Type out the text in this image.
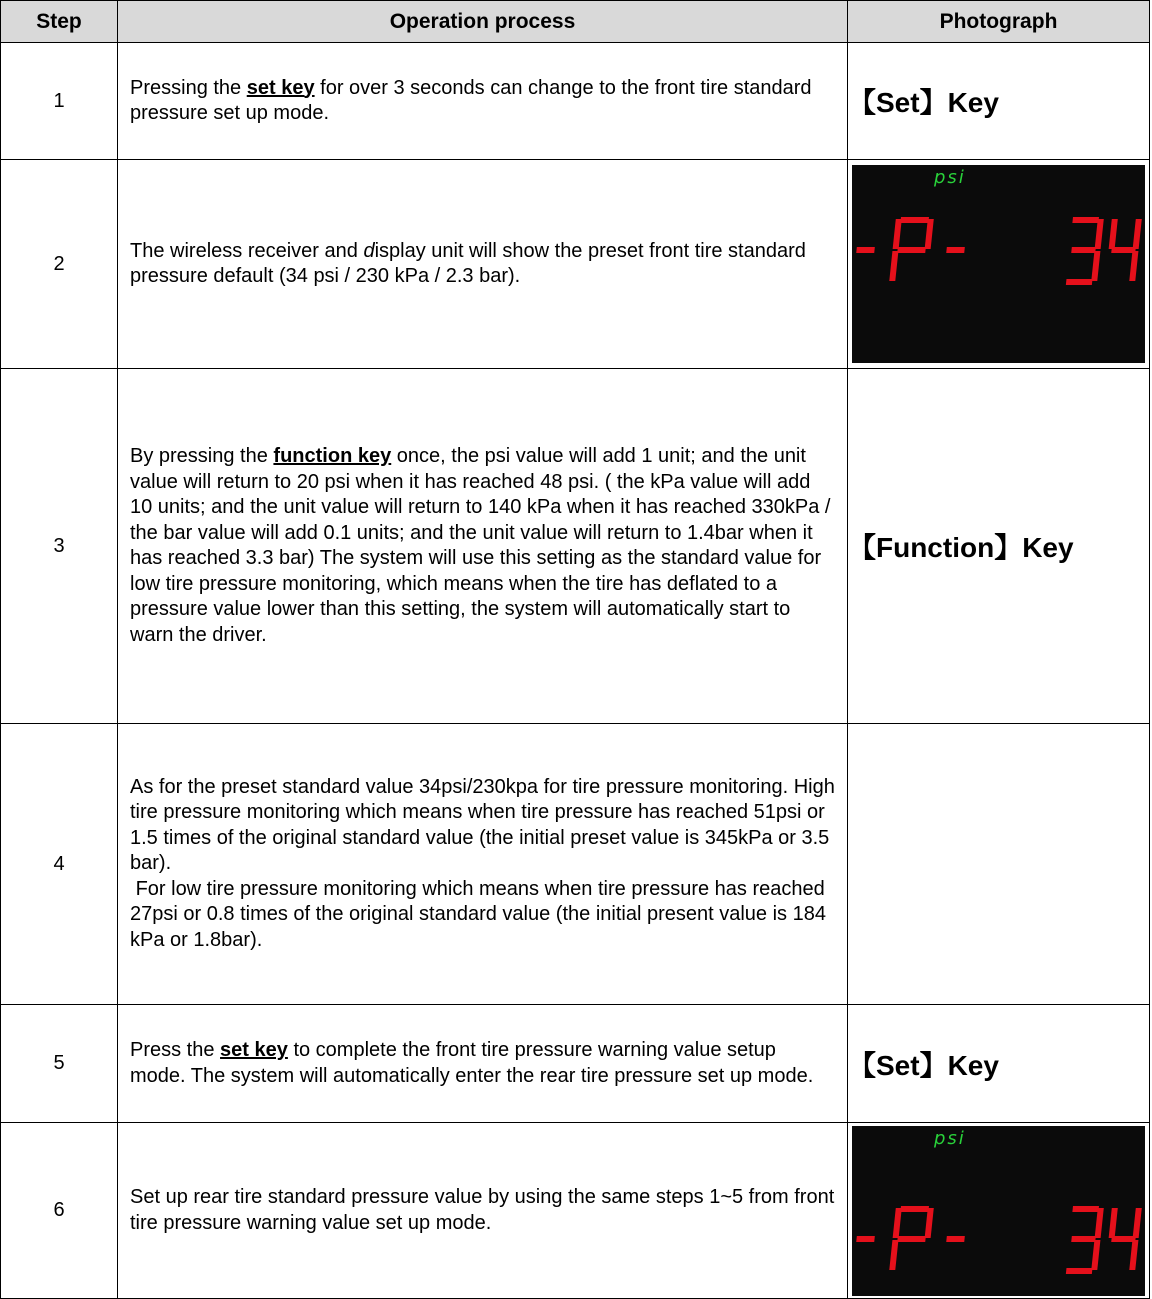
Step	Operation process	Photograph
1	Pressing the set key for over 3 seconds can change to the front tire standard pressure set up mode.	【Set】Key
2	The wireless receiver and display unit will show the preset front tire standard pressure default (34 psi / 230 kPa / 2.3 bar).	psi

3	By pressing the function key once, the psi value will add 1 unit; and the unit value will return to 20 psi when it has reached 48 psi. ( the kPa value will add 10 units; and the unit value will return to 140 kPa when it has reached 330kPa / the bar value will add 0.1 units; and the unit value will return to 1.4bar when it has reached 3.3 bar) The system will use this setting as the standard value for low tire pressure monitoring, which means when the tire has deflated to a pressure value lower than this setting, the system will automatically start to warn the driver.	【Function】Key
4	As for the preset standard value 34psi/230kpa for tire pressure monitoring. High tire pressure monitoring which means when tire pressure has reached 51psi or 1.5 times of the original standard value (the initial preset value is 345kPa or 3.5 bar).
For low tire pressure monitoring which means when tire pressure has reached 27psi or 0.8 times of the original standard value (the initial present value is 184 kPa or 1.8bar).	

5	Press the set key to complete the front tire pressure warning value setup mode. The system will automatically enter the rear tire pressure set up mode.	【Set】Key
6	Set up rear tire standard pressure value by using the same steps 1~5 from front tire pressure warning value set up mode.	psi
